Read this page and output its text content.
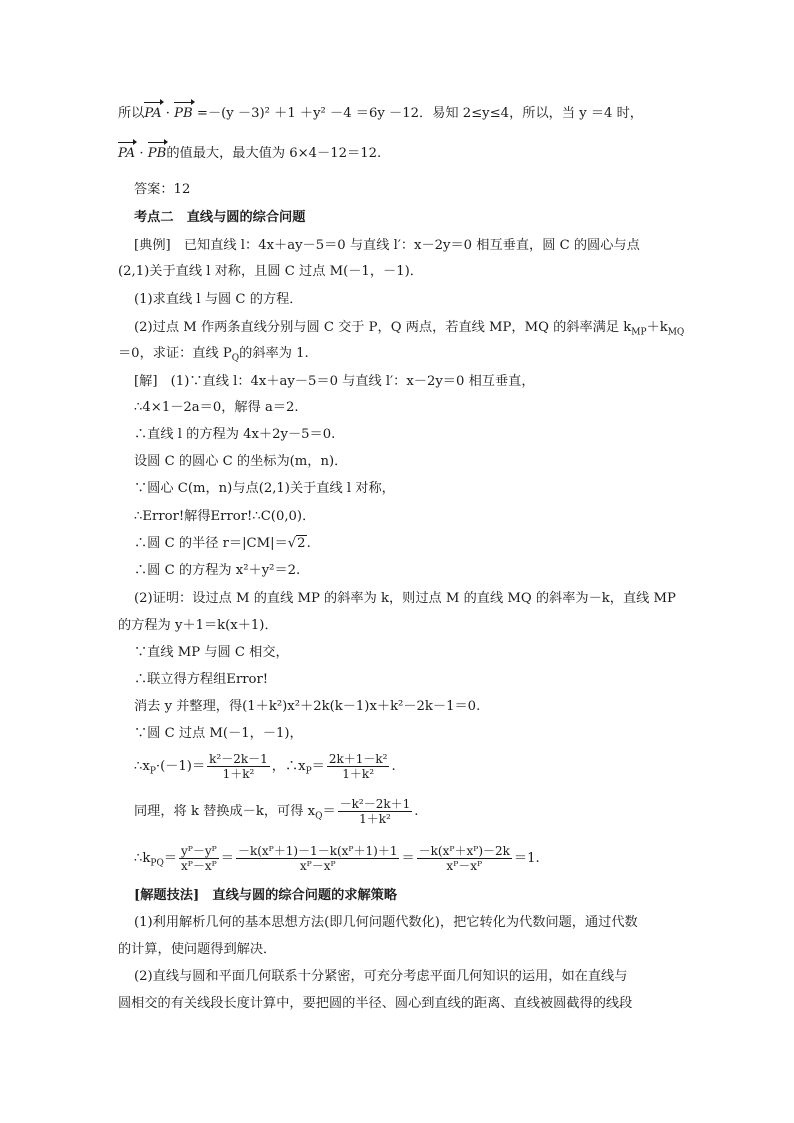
所以PA · PB =－(y －3)² ＋1 ＋y² －4 ＝6y －12．易知 2≤y≤4，所以，当 y ＝4 时，
PA · PB的值最大，最大值为 6×4－12＝12.
答案：12
考点二　直线与圆的综合问题
[典例]　已知直线 l：4x＋ay－5＝0 与直线 l′：x－2y＝0 相互垂直，圆 C 的圆心与点
(2,1)关于直线 l 对称，且圆 C 过点 M(－1，－1)．
(1)求直线 l 与圆 C 的方程．
(2)过点 M 作两条直线分别与圆 C 交于 P，Q 两点，若直线 MP，MQ 的斜率满足 $k_{MP}+k_{MQ}$
＝0，求证：直线 $P_Q$的斜率为 1.
[解]　(1)∵直线 l：4x＋ay－5＝0 与直线 l′：x－2y＝0 相互垂直，
∴4×1－2a＝0，解得 a＝2.
∴直线 l 的方程为 4x＋2y－5＝0.
设圆 C 的圆心 C 的坐标为(m，n)．
∵圆心 C(m，n)与点(2,1)关于直线 l 对称，
∴Error!解得Error!∴C(0,0)．
∴圆 C 的半径 r＝|CM|＝√2.
∴圆 C 的方程为 x²＋y²＝2.
(2)证明：设过点 M 的直线 MP 的斜率为 k，则过点 M 的直线 MQ 的斜率为－k，直线 MP
的方程为 y＋1＝k(x＋1)．
∵直线 MP 与圆 C 相交，
∴联立得方程组Error!
消去 y 并整理，得(1＋k²)x²＋2k(k－1)x＋k²－2k－1＝0.
∵圆 C 过点 M(－1，－1)，
$\therefore x_P\cdot(-1)= \frac{\text{k²－2k－1}}{\text{1＋k²}}$ ，$\therefore x_P= \frac{\text{2k＋1－k²}}{\text{1＋k²}}$ .
同理，将 k 替换成－k，可得 $x_Q= \frac{\text{－k²－2k＋1}}{\text{1＋k²}}$ .
$\therefore k_{PQ}= \frac{\text{yᴾ－yᴾ}}{\text{xᴾ－xᴾ}} = \frac{\text{－k(xᴾ＋1)－1－k(xᴾ＋1)＋1}}{\text{xᴾ－xᴾ}} = \frac{\text{－k(xᴾ＋xᴾ)－2k}}{\text{xᴾ－xᴾ}} =1$.
[解题技法]　直线与圆的综合问题的求解策略
(1)利用解析几何的基本思想方法(即几何问题代数化)，把它转化为代数问题，通过代数
的计算，使问题得到解决．
(2)直线与圆和平面几何联系十分紧密，可充分考虑平面几何知识的运用，如在直线与
圆相交的有关线段长度计算中，要把圆的半径、圆心到直线的距离、直线被圆截得的线段
